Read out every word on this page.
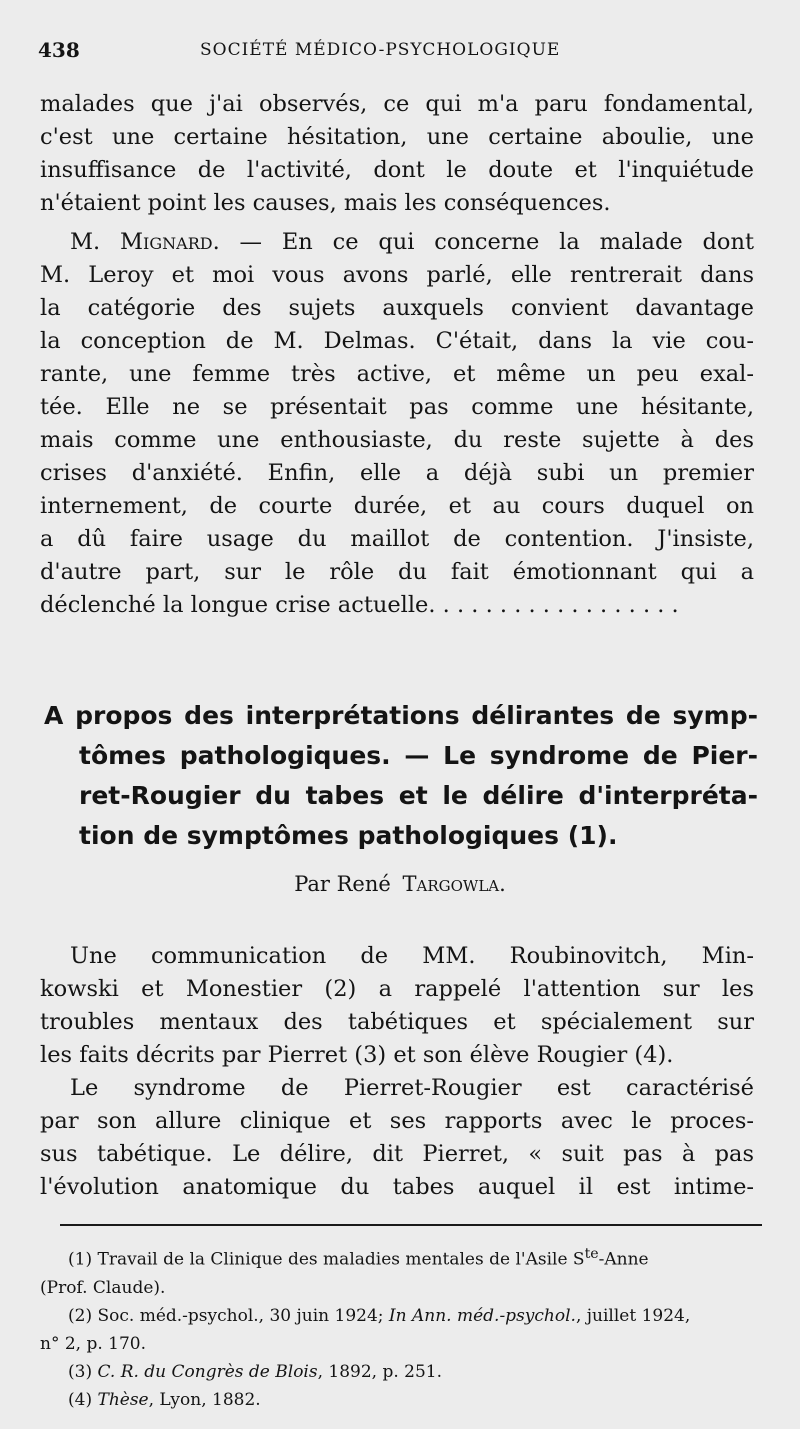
438	SOCIÉTÉ MÉDICO-PSYCHOLOGIQUE
malades que j'ai observés, ce qui m'a paru fondamental,
c'est une certaine hésitation, une certaine aboulie, une
insuffisance de l'activité, dont le doute et l'inquiétude
n'étaient point les causes, mais les conséquences.
M. Mignard. — En ce qui concerne la malade dont
M. Leroy et moi vous avons parlé, elle rentrerait dans
la catégorie des sujets auxquels convient davantage
la conception de M. Delmas. C'était, dans la vie cou-
rante, une femme très active, et même un peu exal-
tée. Elle ne se présentait pas comme une hésitante,
mais comme une enthousiaste, du reste sujette à des
crises d'anxiété. Enfin, elle a déjà subi un premier
internement, de courte durée, et au cours duquel on
a dû faire usage du maillot de contention. J'insiste,
d'autre part, sur le rôle du fait émotionnant qui a
déclenché la longue crise actuelle. . . . . . . . . . . . . . . . . .
A propos des interprétations délirantes de symp-
tômes pathologiques. — Le syndrome de Pier-
ret-Rougier du tabes et le délire d'interpréta-
tion de symptômes pathologiques (1).
Par René Targowla.
Une communication de MM. Roubinovitch, Min-
kowski et Monestier (2) a rappelé l'attention sur les
troubles mentaux des tabétiques et spécialement sur
les faits décrits par Pierret (3) et son élève Rougier (4).
Le syndrome de Pierret-Rougier est caractérisé
par son allure clinique et ses rapports avec le proces-
sus tabétique. Le délire, dit Pierret, « suit pas à pas
l'évolution anatomique du tabes auquel il est intime-
(1) Travail de la Clinique des maladies mentales de l'Asile $S^{te}$-Anne
(Prof. Claude).
(2) Soc. méd.-psychol., 30 juin 1924; In Ann. méd.-psychol., juillet 1924,
n° 2, p. 170.
(3) C. R. du Congrès de Blois, 1892, p. 251.
(4) Thèse, Lyon, 1882.
